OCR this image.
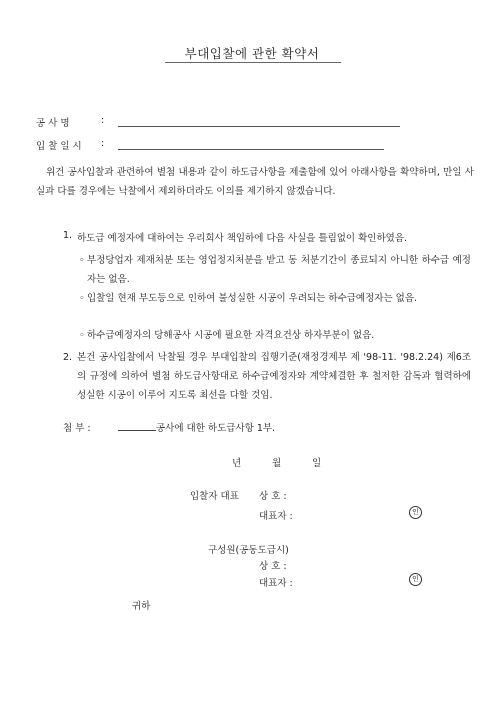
부대입찰에 관한 확약서
공사명	:
입찰일시 :
위건 공사입찰과 관련하여 별첨 내용과 같이 하도급사항을 제출함에 있어 아래사항을 확약하며, 만일 사실과 다를 경우에는 낙찰에서 제외하더라도 이의를 제기하지 않겠습니다.
1. 하도급 예정자에 대하여는 우리회사 책임하에 다음 사실을 틀림없이 확인하였음.
◦ 부정당업자 제재처분 또는 영업정지처분을 받고 동 처분기간이 종료되지 아니한 하수급 예정자는 없음.
◦ 입찰일 현재 부도등으로 인하여 불성실한 시공이 우려되는 하수급예정자는 없음.
◦ 하수급예정자의 당해공사 시공에 필요한 자격요건상 하자부분이 없음.
2. 본건 공사입찰에서 낙찰될 경우 부대입찰의 집행기준(재정경제부 제 '98-11. '98.2.24) 제6조의 규정에 의하여 별첨 하도급사항대로 하수급예정자와 계약체결한 후 철저한 감독과 협력하에 성실한 시공이 이루어 지도록 최선을 다할 것임.
첨 부 :	공사에 대한 하도급사항 1부.
년	월	일
입찰자 대표 상 호 :
대표자 :	인
구성원(공동도급시)
상 호 :
대표자 :	인
귀하
